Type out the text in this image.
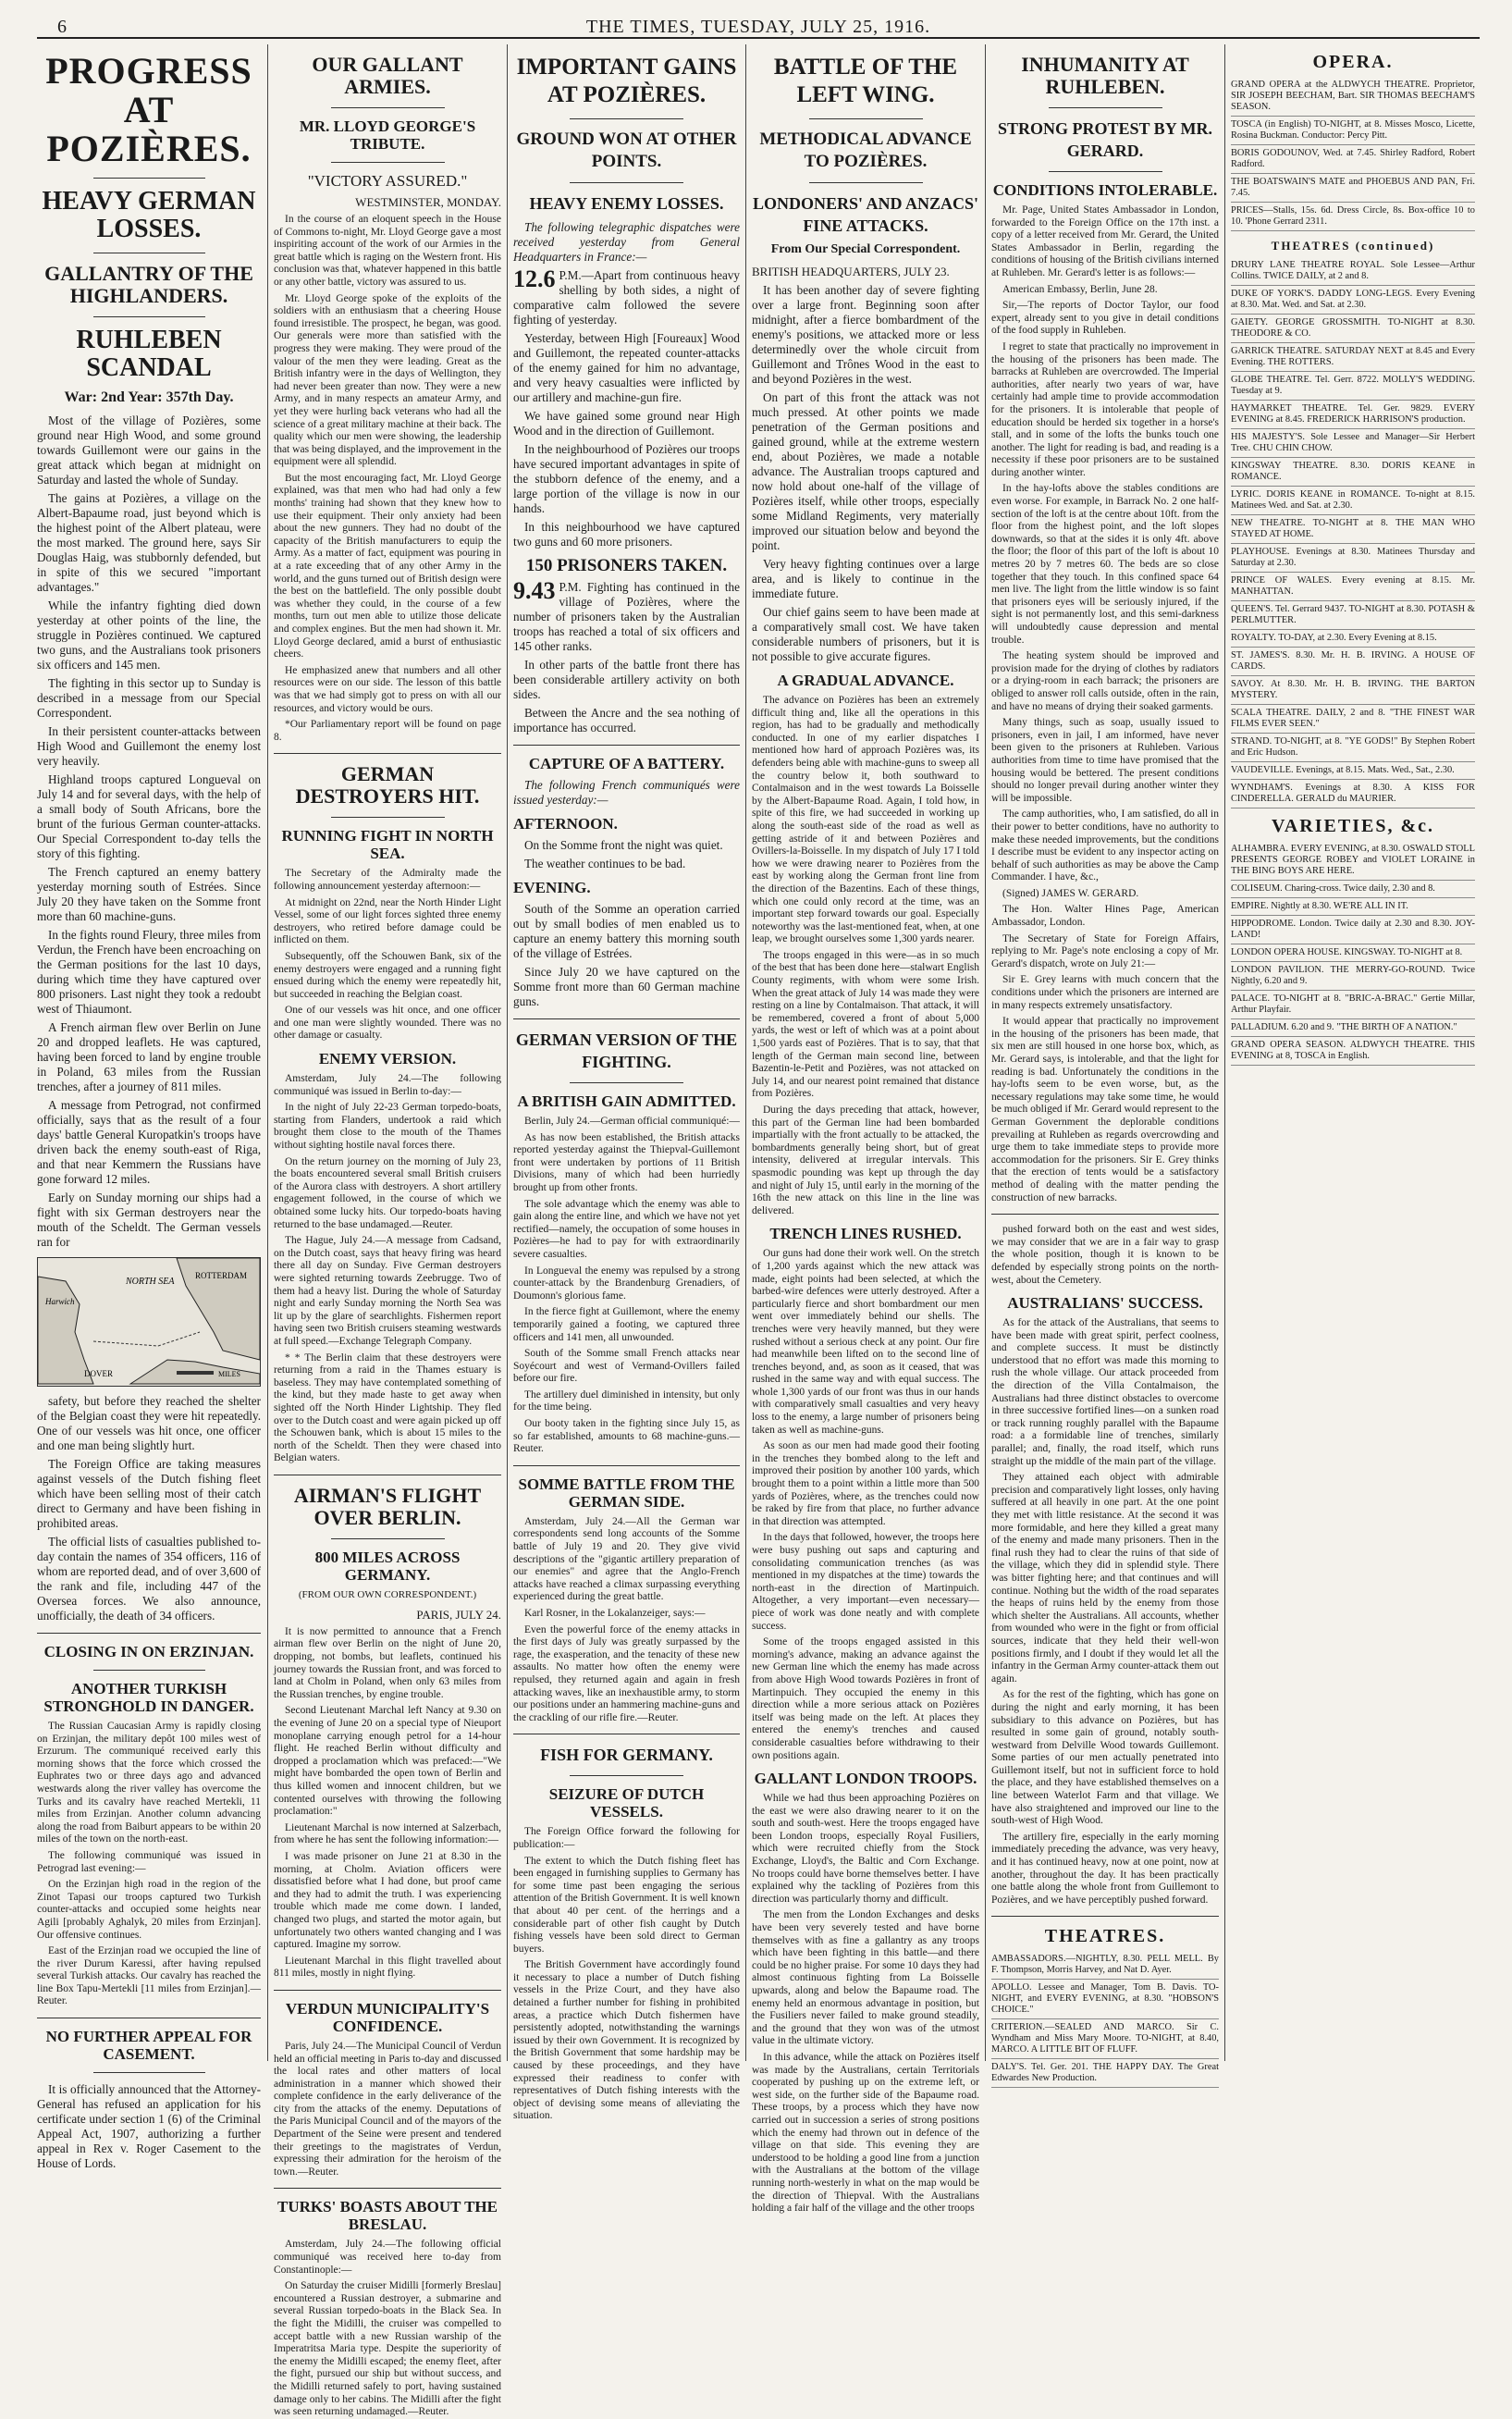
6	THE TIMES, TUESDAY, JULY 25, 1916.
PROGRESS AT POZIÈRES.
HEAVY GERMAN LOSSES.
GALLANTRY OF THE HIGHLANDERS.
RUHLEBEN SCANDAL
War: 2nd Year: 357th Day.

Most of the village of Pozières, some ground near High Wood, and some ground towards Guillemont were our gains in the great attack which began at midnight on Saturday and lasted the whole of Sunday.

The gains at Pozières, a village on the Albert-Bapaume road, just beyond which is the highest point of the Albert plateau, were the most marked. The ground here, says Sir Douglas Haig, was stubbornly defended, but in spite of this we secured "important advantages."

While the infantry fighting died down yesterday at other points of the line, the struggle in Pozières continued. We captured two guns, and the Australians took prisoners six officers and 145 men.

The fighting in this sector up to Sunday is described in a message from our Special Correspondent.

In their persistent counter-attacks between High Wood and Guillemont the enemy lost very heavily.

Highland troops captured Longueval on July 14 and for several days, with the help of a small body of South Africans, bore the brunt of the furious German counter-attacks. Our Special Correspondent to-day tells the story of this fighting.

The French captured an enemy battery yesterday morning south of Estrées. Since July 20 they have taken on the Somme front more than 60 machine-guns.

In the fights round Fleury, three miles from Verdun, the French have been encroaching on the German positions for the last 10 days, during which time they have captured over 800 prisoners. Last night they took a redoubt west of Thiaumont.

A French airman flew over Berlin on June 20 and dropped leaflets. He was captured, having been forced to land by engine trouble in Poland, 63 miles from the Russian trenches, after a journey of 811 miles.

A message from Petrograd, not confirmed officially, says that as the result of a four days' battle General Kuropatkin's troops have driven back the enemy south-east of Riga, and that near Kemmern the Russians have gone forward 12 miles.

Early on Sunday morning our ships had a fight with six German destroyers near the mouth of the Scheldt. The German vessels ran for

NORTH SEA
ROTTERDAM
Harwich
DOVER	MILES

safety, but before they reached the shelter of the Belgian coast they were hit repeatedly. One of our vessels was hit once, one officer and one man being slightly hurt.

The Foreign Office are taking measures against vessels of the Dutch fishing fleet which have been selling most of their catch direct to Germany and have been fishing in prohibited areas.

The official lists of casualties published to-day contain the names of 354 officers, 116 of whom are reported dead, and of over 3,600 of the rank and file, including 447 of the Oversea forces. We also announce, unofficially, the death of 34 officers.

CLOSING IN ON ERZINJAN.
ANOTHER TURKISH STRONGHOLD IN DANGER.

The Russian Caucasian Army is rapidly closing on Erzinjan, the military depôt 100 miles west of Erzurum. The communiqué received early this morning shows that the force which crossed the Euphrates two or three days ago and advanced westwards along the river valley has overcome the Turks and its cavalry have reached Mertekli, 11 miles from Erzinjan. Another column advancing along the road from Baiburt appears to be within 20 miles of the town on the north-east.

The following communiqué was issued in Petrograd last evening:—

On the Erzinjan high road in the region of the Zinot Tapasi our troops captured two Turkish counter-attacks and occupied some heights near Agili [probably Aghalyk, 20 miles from Erzinjan]. Our offensive continues.

East of the Erzinjan road we occupied the line of the river Durum Karessi, after having repulsed several Turkish attacks. Our cavalry has reached the line Box Tapu-Mertekli [11 miles from Erzinjan].—Reuter.

NO FURTHER APPEAL FOR CASEMENT.

It is officially announced that the Attorney-General has refused an application for his certificate under section 1 (6) of the Criminal Appeal Act, 1907, authorizing a further appeal in Rex v. Roger Casement to the House of Lords.

OUR GALLANT ARMIES.
MR. LLOYD GEORGE'S TRIBUTE.
"VICTORY ASSURED."
WESTMINSTER, MONDAY.

In the course of an eloquent speech in the House of Commons to-night, Mr. Lloyd George gave a most inspiriting account of the work of our Armies in the great battle which is raging on the Western front. His conclusion was that, whatever happened in this battle or any other battle, victory was assured to us.

Mr. Lloyd George spoke of the exploits of the soldiers with an enthusiasm that a cheering House found irresistible. The prospect, he began, was good. Our generals were more than satisfied with the progress they were making. They were proud of the valour of the men they were leading. Great as the British infantry were in the days of Wellington, they had never been greater than now. They were a new Army, and in many respects an amateur Army, and yet they were hurling back veterans who had all the science of a great military machine at their back. The quality which our men were showing, the leadership that was being displayed, and the improvement in the equipment were all splendid.

But the most encouraging fact, Mr. Lloyd George explained, was that men who had had only a few months' training had shown that they knew how to use their equipment. Their only anxiety had been about the new gunners. They had no doubt of the capacity of the British manufacturers to equip the Army. As a matter of fact, equipment was pouring in at a rate exceeding that of any other Army in the world, and the guns turned out of British design were the best on the battlefield. The only possible doubt was whether they could, in the course of a few months, turn out men able to utilize those delicate and complex engines. But the men had shown it. Mr. Lloyd George declared, amid a burst of enthusiastic cheers.

He emphasized anew that numbers and all other resources were on our side. The lesson of this battle was that we had simply got to press on with all our resources, and victory would be ours.

*Our Parliamentary report will be found on page 8.

GERMAN DESTROYERS HIT.
RUNNING FIGHT IN NORTH SEA.

The Secretary of the Admiralty made the following announcement yesterday afternoon:—

At midnight on 22nd, near the North Hinder Light Vessel, some of our light forces sighted three enemy destroyers, who retired before damage could be inflicted on them.

Subsequently, off the Schouwen Bank, six of the enemy destroyers were engaged and a running fight ensued during which the enemy were repeatedly hit, but succeeded in reaching the Belgian coast.

One of our vessels was hit once, and one officer and one man were slightly wounded. There was no other damage or casualty.

ENEMY VERSION.

Amsterdam, July 24.—The following communiqué was issued in Berlin to-day:—

In the night of July 22-23 German torpedo-boats, starting from Flanders, undertook a raid which brought them close to the mouth of the Thames without sighting hostile naval forces there.

On the return journey on the morning of July 23, the boats encountered several small British cruisers of the Aurora class with destroyers. A short artillery engagement followed, in the course of which we obtained some lucky hits. Our torpedo-boats having returned to the base undamaged.—Reuter.

The Hague, July 24.—A message from Cadsand, on the Dutch coast, says that heavy firing was heard there all day on Sunday. Five German destroyers were sighted returning towards Zeebrugge. Two of them had a heavy list. During the whole of Saturday night and early Sunday morning the North Sea was lit up by the glare of searchlights. Fishermen report having seen two British cruisers steaming westwards at full speed.—Exchange Telegraph Company.

* * The Berlin claim that these destroyers were returning from a raid in the Thames estuary is baseless. They may have contemplated something of the kind, but they made haste to get away when sighted off the North Hinder Lightship. They fled over to the Dutch coast and were again picked up off the Schouwen bank, which is about 15 miles to the north of the Scheldt. Then they were chased into Belgian waters.

AIRMAN'S FLIGHT OVER BERLIN.
800 MILES ACROSS GERMANY.
(FROM OUR OWN CORRESPONDENT.)
PARIS, JULY 24.

It is now permitted to announce that a French airman flew over Berlin on the night of June 20, dropping, not bombs, but leaflets, continued his journey towards the Russian front, and was forced to land at Cholm in Poland, when only 63 miles from the Russian trenches, by engine trouble.

Second Lieutenant Marchal left Nancy at 9.30 on the evening of June 20 on a special type of Nieuport monoplane carrying enough petrol for a 14-hour flight. He reached Berlin without difficulty and dropped a proclamation which was prefaced:—"We might have bombarded the open town of Berlin and thus killed women and innocent children, but we contented ourselves with throwing the following proclamation:"

Lieutenant Marchal is now interned at Salzerbach, from where he has sent the following information:—

I was made prisoner on June 21 at 8.30 in the morning, at Cholm. Aviation officers were dissatisfied before what I had done, but proof came and they had to admit the truth. I was experiencing trouble which made me come down. I landed, changed two plugs, and started the motor again, but unfortunately two others wanted changing and I was captured. Imagine my sorrow.

Lieutenant Marchal in this flight travelled about 811 miles, mostly in night flying.

VERDUN MUNICIPALITY'S CONFIDENCE.

Paris, July 24.—The Municipal Council of Verdun held an official meeting in Paris to-day and discussed the local rates and other matters of local administration in a manner which showed their complete confidence in the early deliverance of the city from the attacks of the enemy. Deputations of the Paris Municipal Council and of the mayors of the Department of the Seine were present and tendered their greetings to the magistrates of Verdun, expressing their admiration for the heroism of the town.—Reuter.

TURKS' BOASTS ABOUT THE BRESLAU.

Amsterdam, July 24.—The following official communiqué was received here to-day from Constantinople:—

On Saturday the cruiser Midilli [formerly Breslau] encountered a Russian destroyer, a submarine and several Russian torpedo-boats in the Black Sea. In the fight the Midilli, the cruiser was compelled to accept battle with a new Russian warship of the Imperatritsa Maria type. Despite the superiority of the enemy the Midilli escaped; the enemy fleet, after the fight, pursued our ship but without success, and the Midilli returned safely to port, having sustained damage only to her cabins. The Midilli after the fight was seen returning undamaged.—Reuter.

IMPORTANT GAINS AT POZIÈRES.
GROUND WON AT OTHER POINTS.
HEAVY ENEMY LOSSES.

The following telegraphic dispatches were received yesterday from General Headquarters in France:—

12.6 P.M.—Apart from continuous heavy shelling by both sides, a night of comparative calm followed the severe fighting of yesterday.

Yesterday, between High [Foureaux] Wood and Guillemont, the repeated counter-attacks of the enemy gained for him no advantage, and very heavy casualties were inflicted by our artillery and machine-gun fire.

We have gained some ground near High Wood and in the direction of Guillemont.

In the neighbourhood of Pozières our troops have secured important advantages in spite of the stubborn defence of the enemy, and a large portion of the village is now in our hands.

In this neighbourhood we have captured two guns and 60 more prisoners.

150 PRISONERS TAKEN.

9.43 P.M. Fighting has continued in the village of Pozières, where the number of prisoners taken by the Australian troops has reached a total of six officers and 145 other ranks.

In other parts of the battle front there has been considerable artillery activity on both sides.

Between the Ancre and the sea nothing of importance has occurred.

CAPTURE OF A BATTERY.

The following French communiqués were issued yesterday:—

AFTERNOON.

On the Somme front the night was quiet.

The weather continues to be bad.

EVENING.

South of the Somme an operation carried out by small bodies of men enabled us to capture an enemy battery this morning south of the village of Estrées.

Since July 20 we have captured on the Somme front more than 60 German machine guns.

GERMAN VERSION OF THE FIGHTING.
A BRITISH GAIN ADMITTED.

Berlin, July 24.—German official communiqué:—

As has now been established, the British attacks reported yesterday against the Thiepval-Guillemont front were undertaken by portions of 11 British Divisions, many of which had been hurriedly brought up from other fronts.

The sole advantage which the enemy was able to gain along the entire line, and which we have not yet rectified—namely, the occupation of some houses in Pozières—he had to pay for with extraordinarily severe casualties.

In Longueval the enemy was repulsed by a strong counter-attack by the Brandenburg Grenadiers, of Doumonn's glorious fame.

In the fierce fight at Guillemont, where the enemy temporarily gained a footing, we captured three officers and 141 men, all unwounded.

South of the Somme small French attacks near Soyécourt and west of Vermand-Ovillers failed before our fire.

The artillery duel diminished in intensity, but only for the time being.

Our booty taken in the fighting since July 15, as so far established, amounts to 68 machine-guns.—Reuter.

SOMME BATTLE FROM THE GERMAN SIDE.

Amsterdam, July 24.—All the German war correspondents send long accounts of the Somme battle of July 19 and 20. They give vivid descriptions of the "gigantic artillery preparation of our enemies" and agree that the Anglo-French attacks have reached a climax surpassing everything experienced during the great battle.

Karl Rosner, in the Lokalanzeiger, says:—

Even the powerful force of the enemy attacks in the first days of July was greatly surpassed by the rage, the exasperation, and the tenacity of these new assaults. No matter how often the enemy were repulsed, they returned again and again in fresh attacking waves, like an inexhaustible army, to storm our positions under an hammering machine-guns and the crackling of our rifle fire.—Reuter.

FISH FOR GERMANY.
SEIZURE OF DUTCH VESSELS.

The Foreign Office forward the following for publication:—

The extent to which the Dutch fishing fleet has been engaged in furnishing supplies to Germany has for some time past been engaging the serious attention of the British Government. It is well known that about 40 per cent. of the herrings and a considerable part of other fish caught by Dutch fishing vessels have been sold direct to German buyers.

The British Government have accordingly found it necessary to place a number of Dutch fishing vessels in the Prize Court, and they have also detained a further number for fishing in prohibited areas, a practice which Dutch fishermen have persistently adopted, notwithstanding the warnings issued by their own Government. It is recognized by the British Government that some hardship may be caused by these proceedings, and they have expressed their readiness to confer with representatives of Dutch fishing interests with the object of devising some means of alleviating the situation.

BATTLE OF THE LEFT WING.
METHODICAL ADVANCE TO POZIÈRES.
LONDONERS' AND ANZACS' FINE ATTACKS.
From Our Special Correspondent.
BRITISH HEADQUARTERS, JULY 23.

It has been another day of severe fighting over a large front. Beginning soon after midnight, after a fierce bombardment of the enemy's positions, we attacked more or less determinedly over the whole circuit from Guillemont and Trônes Wood in the east to and beyond Pozières in the west.

On part of this front the attack was not much pressed. At other points we made penetration of the German positions and gained ground, while at the extreme western end, about Pozières, we made a notable advance. The Australian troops captured and now hold about one-half of the village of Pozières itself, while other troops, especially some Midland Regiments, very materially improved our situation below and beyond the point.

Very heavy fighting continues over a large area, and is likely to continue in the immediate future.

Our chief gains seem to have been made at a comparatively small cost. We have taken considerable numbers of prisoners, but it is not possible to give accurate figures.

A GRADUAL ADVANCE.

The advance on Pozières has been an extremely difficult thing and, like all the operations in this region, has had to be gradually and methodically conducted. In one of my earlier dispatches I mentioned how hard of approach Pozières was, its defenders being able with machine-guns to sweep all the country below it, both southward to Contalmaison and in the west towards La Boisselle by the Albert-Bapaume Road. Again, I told how, in spite of this fire, we had succeeded in working up along the south-east side of the road as well as getting astride of it and between Pozières and Ovillers-la-Boisselle. In my dispatch of July 17 I told how we were drawing nearer to Pozières from the east by working along the German front line from the direction of the Bazentins. Each of these things, which one could only record at the time, was an important step forward towards our goal. Especially noteworthy was the last-mentioned feat, when, at one leap, we brought ourselves some 1,300 yards nearer.

The troops engaged in this were—as in so much of the best that has been done here—stalwart English County regiments, with whom were some Irish. When the great attack of July 14 was made they were resting on a line by Contalmaison. That attack, it will be remembered, covered a front of about 5,000 yards, the west or left of which was at a point about 1,500 yards east of Pozières. That is to say, that that length of the German main second line, between Bazentin-le-Petit and Pozières, was not attacked on July 14, and our nearest point remained that distance from Pozières.

During the days preceding that attack, however, this part of the German line had been bombarded impartially with the front actually to be attacked, the bombardments generally being short, but of great intensity, delivered at irregular intervals. This spasmodic pounding was kept up through the day and night of July 15, until early in the morning of the 16th the new attack on this line in the line was delivered.

TRENCH LINES RUSHED.

Our guns had done their work well. On the stretch of 1,200 yards against which the new attack was made, eight points had been selected, at which the barbed-wire defences were utterly destroyed. After a particularly fierce and short bombardment our men went over immediately behind our shells. The trenches were very heavily manned, but they were rushed without a serious check at any point. Our fire had meanwhile been lifted on to the second line of trenches beyond, and, as soon as it ceased, that was rushed in the same way and with equal success. The whole 1,300 yards of our front was thus in our hands with comparatively small casualties and very heavy loss to the enemy, a large number of prisoners being taken as well as machine-guns.

As soon as our men had made good their footing in the trenches they bombed along to the left and improved their position by another 100 yards, which brought them to a point within a little more than 500 yards of Pozières, where, as the trenches could now be raked by fire from that place, no further advance in that direction was attempted.

In the days that followed, however, the troops here were busy pushing out saps and capturing and consolidating communication trenches (as was mentioned in my dispatches at the time) towards the north-east in the direction of Martinpuich. Altogether, a very important—even necessary—piece of work was done neatly and with complete success.

Some of the troops engaged assisted in this morning's advance, making an advance against the new German line which the enemy has made across from above High Wood towards Pozières in front of Martinpuich. They occupied the enemy in this direction while a more serious attack on Pozières itself was being made on the left. At places they entered the enemy's trenches and caused considerable casualties before withdrawing to their own positions again.

GALLANT LONDON TROOPS.

While we had thus been approaching Pozières on the east we were also drawing nearer to it on the south and south-west. Here the troops engaged have been London troops, especially Royal Fusiliers, which were recruited chiefly from the Stock Exchange, Lloyd's, the Baltic and Corn Exchange. No troops could have borne themselves better. I have explained why the tackling of Pozières from this direction was particularly thorny and difficult.

The men from the London Exchanges and desks have been very severely tested and have borne themselves with as fine a gallantry as any troops which have been fighting in this battle—and there could be no higher praise. For some 10 days they had almost continuous fighting from La Boisselle upwards, along and below the Bapaume road. The enemy held an enormous advantage in position, but the Fusiliers never failed to make ground steadily, and the ground that they won was of the utmost value in the ultimate victory.

In this advance, while the attack on Pozières itself was made by the Australians, certain Territorials cooperated by pushing up on the extreme left, or west side, on the further side of the Bapaume road. These troops, by a process which they have now carried out in succession a series of strong positions which the enemy had thrown out in defence of the village on that side. This evening they are understood to be holding a good line from a junction with the Australians at the bottom of the village running north-westerly in what on the map would be the direction of Thiepval. With the Australians holding a fair half of the village and the other troops

INHUMANITY AT RUHLEBEN.
STRONG PROTEST BY MR. GERARD.
CONDITIONS INTOLERABLE.

Mr. Page, United States Ambassador in London, forwarded to the Foreign Office on the 17th inst. a copy of a letter received from Mr. Gerard, the United States Ambassador in Berlin, regarding the conditions of housing of the British civilians interned at Ruhleben. Mr. Gerard's letter is as follows:—

American Embassy, Berlin, June 28.

Sir,—The reports of Doctor Taylor, our food expert, already sent to you give in detail conditions of the food supply in Ruhleben.

I regret to state that practically no improvement in the housing of the prisoners has been made. The barracks at Ruhleben are overcrowded. The Imperial authorities, after nearly two years of war, have certainly had ample time to provide accommodation for the prisoners. It is intolerable that people of education should be herded six together in a horse's stall, and in some of the lofts the bunks touch one another. The light for reading is bad, and reading is a necessity if these poor prisoners are to be sustained during another winter.

In the hay-lofts above the stables conditions are even worse. For example, in Barrack No. 2 one half-section of the loft is at the centre about 10ft. from the floor from the highest point, and the loft slopes downwards, so that at the sides it is only 4ft. above the floor; the floor of this part of the loft is about 10 metres 20 by 7 metres 60. The beds are so close together that they touch. In this confined space 64 men live. The light from the little window is so faint that prisoners eyes will be seriously injured, if the sight is not permanently lost, and this semi-darkness will undoubtedly cause depression and mental trouble.

The heating system should be improved and provision made for the drying of clothes by radiators or a drying-room in each barrack; the prisoners are obliged to answer roll calls outside, often in the rain, and have no means of drying their soaked garments.

Many things, such as soap, usually issued to prisoners, even in jail, I am informed, have never been given to the prisoners at Ruhleben. Various authorities from time to time have promised that the housing would be bettered. The present conditions should no longer prevail during another winter they will be impossible.

The camp authorities, who, I am satisfied, do all in their power to better conditions, have no authority to make these needed improvements, but the conditions I describe must be evident to any inspector acting on behalf of such authorities as may be above the Camp Commander. I have, &c.,

(Signed) JAMES W. GERARD.

The Hon. Walter Hines Page, American Ambassador, London.

The Secretary of State for Foreign Affairs, replying to Mr. Page's note enclosing a copy of Mr. Gerard's dispatch, wrote on July 21:—

Sir E. Grey learns with much concern that the conditions under which the prisoners are interned are in many respects extremely unsatisfactory.

It would appear that practically no improvement in the housing of the prisoners has been made, that six men are still housed in one horse box, which, as Mr. Gerard says, is intolerable, and that the light for reading is bad. Unfortunately the conditions in the hay-lofts seem to be even worse, but, as the necessary regulations may take some time, he would be much obliged if Mr. Gerard would represent to the German Government the deplorable conditions prevailing at Ruhleben as regards overcrowding and urge them to take immediate steps to provide more accommodation for the prisoners. Sir E. Grey thinks that the erection of tents would be a satisfactory method of dealing with the matter pending the construction of new barracks.

pushed forward both on the east and west sides, we may consider that we are in a fair way to grasp the whole position, though it is known to be defended by especially strong points on the north-west, about the Cemetery.

AUSTRALIANS' SUCCESS.

As for the attack of the Australians, that seems to have been made with great spirit, perfect coolness, and complete success. It must be distinctly understood that no effort was made this morning to rush the whole village. Our attack proceeded from the direction of the Villa Contalmaison, the Australians had three distinct obstacles to overcome in three successive fortified lines—on a sunken road or track running roughly parallel with the Bapaume road: a a formidable line of trenches, similarly parallel; and, finally, the road itself, which runs straight up the middle of the main part of the village.

They attained each object with admirable precision and comparatively light losses, only having suffered at all heavily in one part. At the one point they met with little resistance. At the second it was more formidable, and here they killed a great many of the enemy and made many prisoners. Then in the final rush they had to clear the ruins of that side of the village, which they did in splendid style. There was bitter fighting here; and that continues and will continue. Nothing but the width of the road separates the heaps of ruins held by the enemy from those which shelter the Australians. All accounts, whether from wounded who were in the fight or from official sources, indicate that they held their well-won positions firmly, and I doubt if they would let all the infantry in the German Army counter-attack them out again.

As for the rest of the fighting, which has gone on during the night and early morning, it has been subsidiary to this advance on Pozières, but has resulted in some gain of ground, notably south-westward from Delville Wood towards Guillemont. Some parties of our men actually penetrated into Guillemont itself, but not in sufficient force to hold the place, and they have established themselves on a line between Waterlot Farm and that village. We have also straightened and improved our line to the south-west of High Wood.

The artillery fire, especially in the early morning immediately preceding the advance, was very heavy, and it has continued heavy, now at one point, now at another, throughout the day. It has been practically one battle along the whole front from Guillemont to Pozières, and we have perceptibly pushed forward.

THEATRES.
AMBASSADORS.—NIGHTLY, 8.30. PELL MELL. By F. Thompson, Morris Harvey, and Nat D. Ayer.
APOLLO. Lessee and Manager, Tom B. Davis. TO-NIGHT, and EVERY EVENING, at 8.30. "HOBSON'S CHOICE."
CRITERION.—SEALED AND MARCO. Sir C. Wyndham and Miss Mary Moore. TO-NIGHT, at 8.40, MARCO. A LITTLE BIT OF FLUFF.
DALY'S. Tel. Ger. 201. THE HAPPY DAY. The Great Edwardes New Production.
OPERA.
GRAND OPERA at the ALDWYCH THEATRE. Proprietor, SIR JOSEPH BEECHAM, Bart. SIR THOMAS BEECHAM'S SEASON.
TOSCA (in English) TO-NIGHT, at 8. Misses Mosco, Licette, Rosina Buckman. Conductor: Percy Pitt.
BORIS GODOUNOV, Wed. at 7.45. Shirley Radford, Robert Radford.
THE BOATSWAIN'S MATE and PHOEBUS AND PAN, Fri. 7.45.
PRICES—Stalls, 15s. 6d. Dress Circle, 8s. Box-office 10 to 10. 'Phone Gerrard 2311.
THEATRES (continued)
DRURY LANE THEATRE ROYAL. Sole Lessee—Arthur Collins. TWICE DAILY, at 2 and 8.
DUKE OF YORK'S. DADDY LONG-LEGS. Every Evening at 8.30. Mat. Wed. and Sat. at 2.30.
GAIETY. GEORGE GROSSMITH. TO-NIGHT at 8.30. THEODORE & CO.
GARRICK THEATRE. SATURDAY NEXT at 8.45 and Every Evening. THE ROTTERS.
GLOBE THEATRE. Tel. Gerr. 8722. MOLLY'S WEDDING. Tuesday at 9.
HAYMARKET THEATRE. Tel. Ger. 9829. EVERY EVENING at 8.45. FREDERICK HARRISON'S production.
HIS MAJESTY'S. Sole Lessee and Manager—Sir Herbert Tree. CHU CHIN CHOW.
KINGSWAY THEATRE. 8.30. DORIS KEANE in ROMANCE.
LYRIC. DORIS KEANE in ROMANCE. To-night at 8.15. Matinees Wed. and Sat. at 2.30.
NEW THEATRE. TO-NIGHT at 8. THE MAN WHO STAYED AT HOME.
PLAYHOUSE. Evenings at 8.30. Matinees Thursday and Saturday at 2.30.
PRINCE OF WALES. Every evening at 8.15. Mr. MANHATTAN.
QUEEN'S. Tel. Gerrard 9437. TO-NIGHT at 8.30. POTASH & PERLMUTTER.
ROYALTY. TO-DAY, at 2.30. Every Evening at 8.15.
ST. JAMES'S. 8.30. Mr. H. B. IRVING. A HOUSE OF CARDS.
SAVOY. At 8.30. Mr. H. B. IRVING. THE BARTON MYSTERY.
SCALA THEATRE. DAILY, 2 and 8. "THE FINEST WAR FILMS EVER SEEN."
STRAND. TO-NIGHT, at 8. "YE GODS!" By Stephen Robert and Eric Hudson.
VAUDEVILLE. Evenings, at 8.15. Mats. Wed., Sat., 2.30.
WYNDHAM'S. Evenings at 8.30. A KISS FOR CINDERELLA. GERALD du MAURIER.
VARIETIES, &c.
ALHAMBRA. EVERY EVENING, at 8.30. OSWALD STOLL PRESENTS GEORGE ROBEY and VIOLET LORAINE in THE BING BOYS ARE HERE.
COLISEUM. Charing-cross. Twice daily, 2.30 and 8.
EMPIRE. Nightly at 8.30. WE'RE ALL IN IT.
HIPPODROME. London. Twice daily at 2.30 and 8.30. JOY-LAND!
LONDON OPERA HOUSE. KINGSWAY. TO-NIGHT at 8.
LONDON PAVILION. THE MERRY-GO-ROUND. Twice Nightly, 6.20 and 9.
PALACE. TO-NIGHT at 8. "BRIC-A-BRAC." Gertie Millar, Arthur Playfair.
PALLADIUM. 6.20 and 9. "THE BIRTH OF A NATION."
GRAND OPERA SEASON. ALDWYCH THEATRE. THIS EVENING at 8, TOSCA in English.
